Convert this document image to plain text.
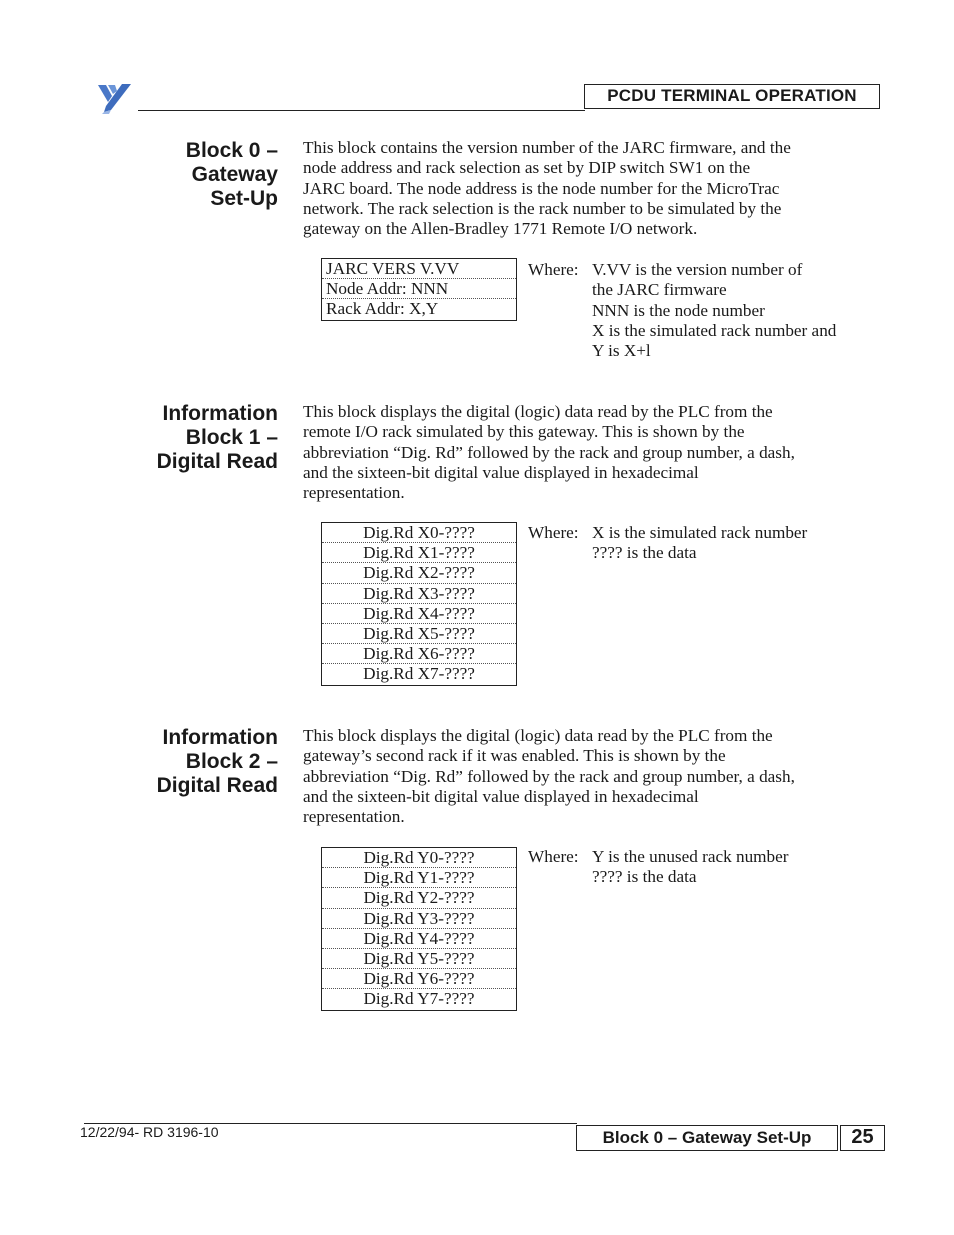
PCDU TERMINAL OPERATION
Block 0 –
Gateway
Set-Up
This block contains the version number of the JARC firmware, and the
node address and rack selection as set by DIP switch SW1 on the
JARC board. The node address is the node number for the MicroTrac
network. The rack selection is the rack number to be simulated by the
gateway on the Allen-Bradley 1771 Remote I/O network.
JARC VERS V.VV
Node Addr: NNN
Rack Addr: X,Y
Where: V.VV is the version number of
the JARC firmware
NNN is the node number
X is the simulated rack number and
Y is X+l
Information
Block 1 –
Digital Read
This block displays the digital (logic) data read by the PLC from the
remote I/O rack simulated by this gateway. This is shown by the
abbreviation “Dig. Rd” followed by the rack and group number, a dash,
and the sixteen-bit digital value displayed in hexadecimal
representation.
Dig.Rd X0-????
Dig.Rd X1-????
Dig.Rd X2-????
Dig.Rd X3-????
Dig.Rd X4-????
Dig.Rd X5-????
Dig.Rd X6-????
Dig.Rd X7-????
Where: X is the simulated rack number
???? is the data
Information
Block 2 –
Digital Read
This block displays the digital (logic) data read by the PLC from the
gateway’s second rack if it was enabled. This is shown by the
abbreviation “Dig. Rd” followed by the rack and group number, a dash,
and the sixteen-bit digital value displayed in hexadecimal
representation.
Dig.Rd Y0-????
Dig.Rd Y1-????
Dig.Rd Y2-????
Dig.Rd Y3-????
Dig.Rd Y4-????
Dig.Rd Y5-????
Dig.Rd Y6-????
Dig.Rd Y7-????
Where: Y is the unused rack number
???? is the data
12/22/94- RD 3196-10	Block 0 – Gateway Set-Up	25
